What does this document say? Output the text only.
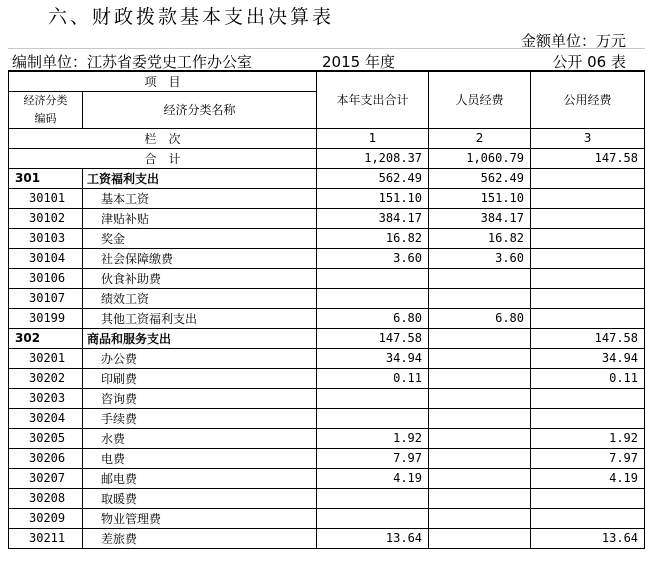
六、财政拨款基本支出决算表
金额单位：万元
编制单位：江苏省委党史工作办公室	2015 年度	公开 06 表
项　目		本年支出合计	人员经费	公用经费

经济分类
编码	经济分类名称			

栏　次		1	2	3
合　计		1,208.37	1,060.79	147.58
301	工资福利支出	562.49	562.49	
30101	基本工资	151.10	151.10	
30102	津贴补贴	384.17	384.17	
30103	奖金	16.82	16.82	
30104	社会保障缴费	3.60	3.60	
30106	伙食补助费			
30107	绩效工资			
30199	其他工资福利支出	6.80	6.80	
302	商品和服务支出	147.58		147.58
30201	办公费	34.94		34.94
30202	印刷费	0.11		0.11
30203	咨询费			
30204	手续费			
30205	水费	1.92		1.92
30206	电费	7.97		7.97
30207	邮电费	4.19		4.19
30208	取暖费			
30209	物业管理费			
30211	差旅费	13.64		13.64
